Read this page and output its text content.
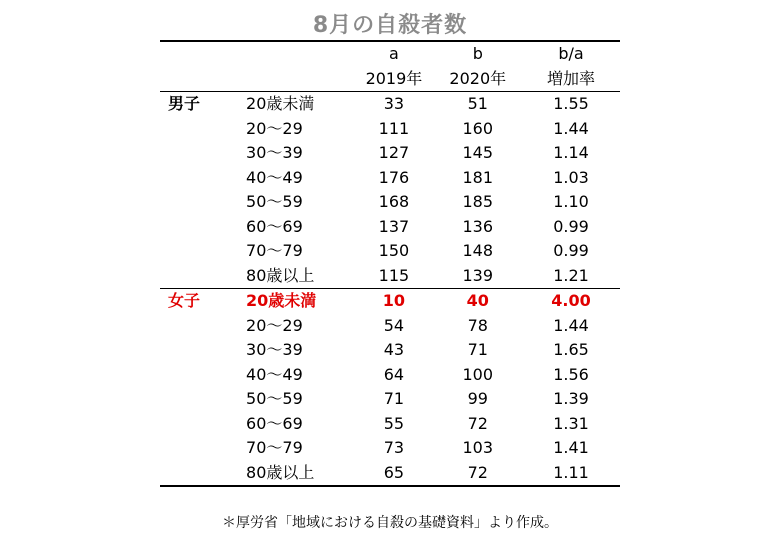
8月の自殺者数
		a	b	b/a
		2019年	2020年	増加率
男子	20歳未満	33	51	1.55
	20〜29	111	160	1.44
	30〜39	127	145	1.14
	40〜49	176	181	1.03
	50〜59	168	185	1.10
	60〜69	137	136	0.99
	70〜79	150	148	0.99
	80歳以上	115	139	1.21
女子	20歳未満	10	40	4.00
	20〜29	54	78	1.44
	30〜39	43	71	1.65
	40〜49	64	100	1.56
	50〜59	71	99	1.39
	60〜69	55	72	1.31
	70〜79	73	103	1.41
	80歳以上	65	72	1.11
＊厚労省「地域における自殺の基礎資料」より作成。
